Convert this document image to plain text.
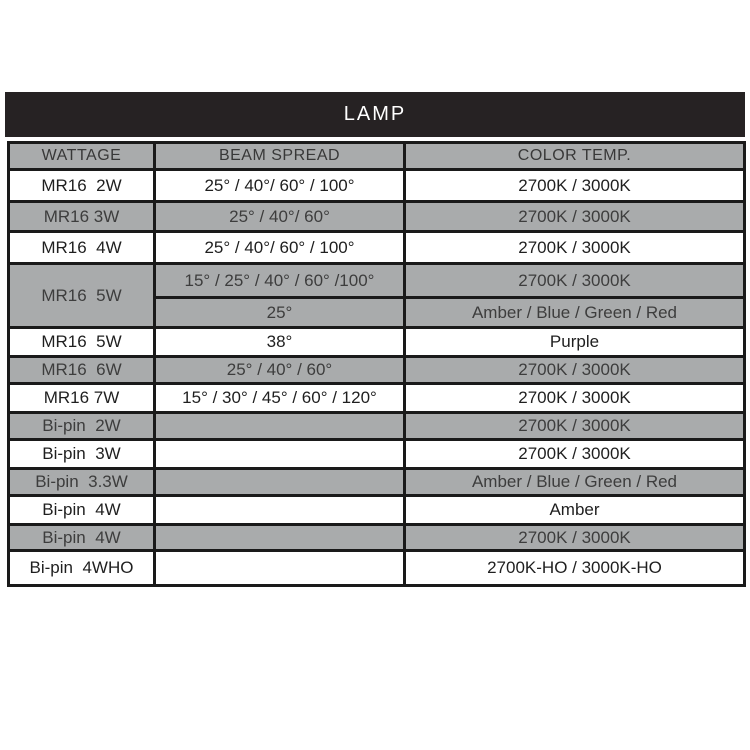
LAMP
WATTAGE	BEAM SPREAD	COLOR TEMP.
MR16  2W	25° / 40°/ 60° / 100°	2700K / 3000K
MR16 3W	25° / 40°/ 60°	2700K / 3000K
MR16  4W	25° / 40°/ 60° / 100°	2700K / 3000K
MR16  5W	15° / 25° / 40° / 60° /100°	2700K / 3000K
	25°	Amber / Blue / Green / Red
MR16  5W	38°	Purple
MR16  6W	25° / 40° / 60°	2700K / 3000K
MR16 7W	15° / 30° / 45° / 60° / 120°	2700K / 3000K
Bi-pin  2W		2700K / 3000K
Bi-pin  3W		2700K / 3000K
Bi-pin  3.3W		Amber / Blue / Green / Red
Bi-pin  4W		Amber
Bi-pin  4W		2700K / 3000K
Bi-pin  4WHO		2700K-HO / 3000K-HO
